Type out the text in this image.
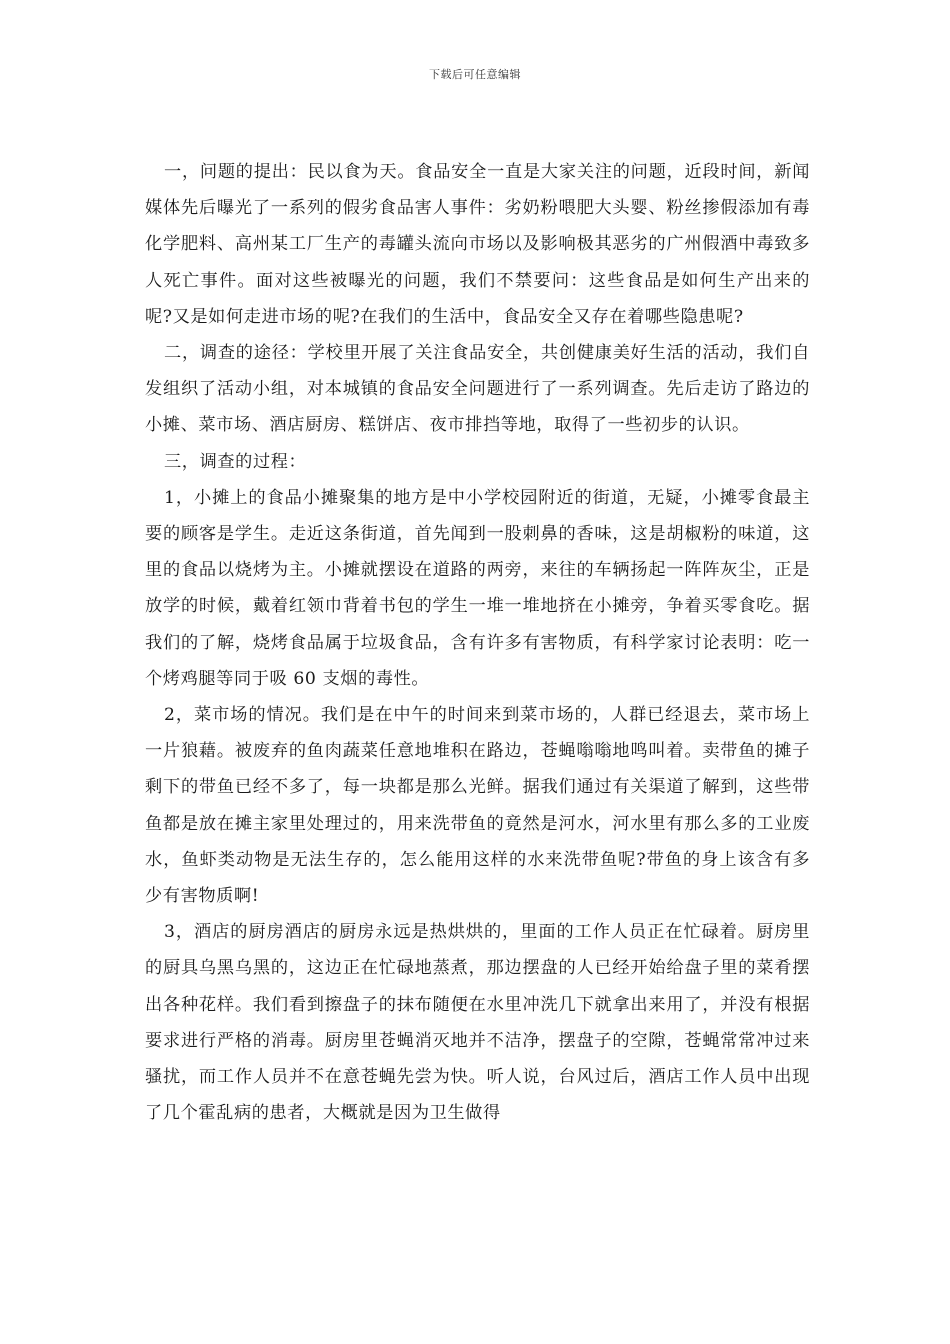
下载后可任意编辑

一，问题的提出：民以食为天。食品安全一直是大家关注的问题，近段时间，新闻媒体先后曝光了一系列的假劣食品害人事件：劣奶粉喂肥大头婴、粉丝掺假添加有毒化学肥料、高州某工厂生产的毒罐头流向市场以及影响极其恶劣的广州假酒中毒致多人死亡事件。面对这些被曝光的问题，我们不禁要问：这些食品是如何生产出来的呢?又是如何走进市场的呢?在我们的生活中，食品安全又存在着哪些隐患呢?

二，调查的途径：学校里开展了关注食品安全，共创健康美好生活的活动，我们自发组织了活动小组，对本城镇的食品安全问题进行了一系列调查。先后走访了路边的小摊、菜市场、酒店厨房、糕饼店、夜市排挡等地，取得了一些初步的认识。

三，调查的过程：

1，小摊上的食品小摊聚集的地方是中小学校园附近的街道，无疑，小摊零食最主要的顾客是学生。走近这条街道，首先闻到一股刺鼻的香味，这是胡椒粉的味道，这里的食品以烧烤为主。小摊就摆设在道路的两旁，来往的车辆扬起一阵阵灰尘，正是放学的时候，戴着红领巾背着书包的学生一堆一堆地挤在小摊旁，争着买零食吃。据我们的了解，烧烤食品属于垃圾食品，含有许多有害物质，有科学家讨论表明：吃一个烤鸡腿等同于吸 60 支烟的毒性。

2，菜市场的情况。我们是在中午的时间来到菜市场的，人群已经退去，菜市场上一片狼藉。被废弃的鱼肉蔬菜任意地堆积在路边，苍蝇嗡嗡地鸣叫着。卖带鱼的摊子剩下的带鱼已经不多了，每一块都是那么光鲜。据我们通过有关渠道了解到，这些带鱼都是放在摊主家里处理过的，用来洗带鱼的竟然是河水，河水里有那么多的工业废水，鱼虾类动物是无法生存的，怎么能用这样的水来洗带鱼呢?带鱼的身上该含有多少有害物质啊!

3，酒店的厨房酒店的厨房永远是热烘烘的，里面的工作人员正在忙碌着。厨房里的厨具乌黑乌黑的，这边正在忙碌地蒸煮，那边摆盘的人已经开始给盘子里的菜肴摆出各种花样。我们看到擦盘子的抹布随便在水里冲洗几下就拿出来用了，并没有根据要求进行严格的消毒。厨房里苍蝇消灭地并不洁净，摆盘子的空隙，苍蝇常常冲过来骚扰，而工作人员并不在意苍蝇先尝为快。听人说，台风过后，酒店工作人员中出现了几个霍乱病的患者，大概就是因为卫生做得
